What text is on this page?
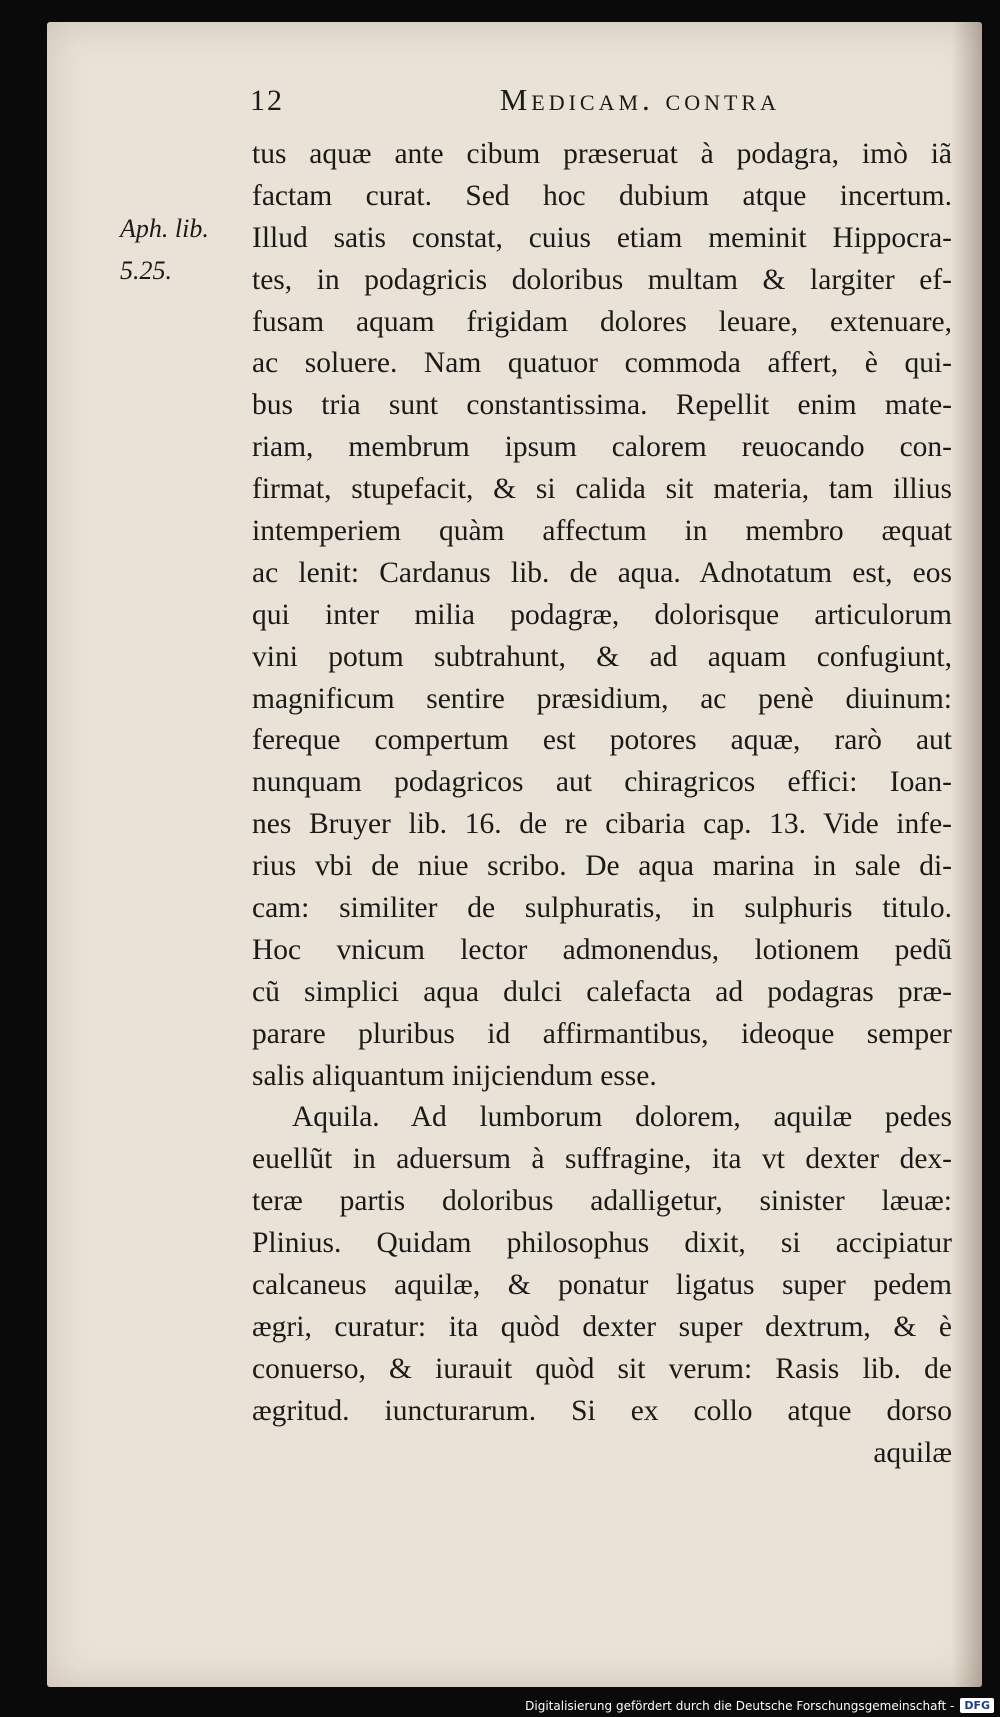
12	Medicam. contra
Aph. lib.
5.25.
tus aquæ ante cibum præseruat à podagra, imò iã
factam curat. Sed hoc dubium atque incertum.
Illud satis constat, cuius etiam meminit Hippocra-
tes, in podagricis doloribus multam & largiter ef-
fusam aquam frigidam dolores leuare, extenuare,
ac soluere. Nam quatuor commoda affert, è qui-
bus tria sunt constantissima. Repellit enim mate-
riam, membrum ipsum calorem reuocando con-
firmat, stupefacit, & si calida sit materia, tam illius
intemperiem quàm affectum in membro æquat
ac lenit: Cardanus lib. de aqua. Adnotatum est, eos
qui inter milia podagræ, dolorisque articulorum
vini potum subtrahunt, & ad aquam confugiunt,
magnificum sentire præsidium, ac penè diuinum:
fereque compertum est potores aquæ, rarò aut
nunquam podagricos aut chiragricos effici: Ioan-
nes Bruyer lib. 16. de re cibaria cap. 13. Vide infe-
rius vbi de niue scribo. De aqua marina in sale di-
cam: similiter de sulphuratis, in sulphuris titulo.
Hoc vnicum lector admonendus, lotionem pedũ
cũ simplici aqua dulci calefacta ad podagras præ-
parare pluribus id affirmantibus, ideoque semper
salis aliquantum inijciendum esse.
Aquila. Ad lumborum dolorem, aquilæ pedes
euellũt in aduersum à suffragine, ita vt dexter dex-
teræ partis doloribus adalligetur, sinister læuæ:
Plinius. Quidam philosophus dixit, si accipiatur
calcaneus aquilæ, & ponatur ligatus super pedem
ægri, curatur: ita quòd dexter super dextrum, & è
conuerso, & iurauit quòd sit verum: Rasis lib. de
ægritud. iuncturarum. Si ex collo atque dorso
aquilæ
Digitalisierung gefördert durch die Deutsche Forschungsgemeinschaft - DFG
